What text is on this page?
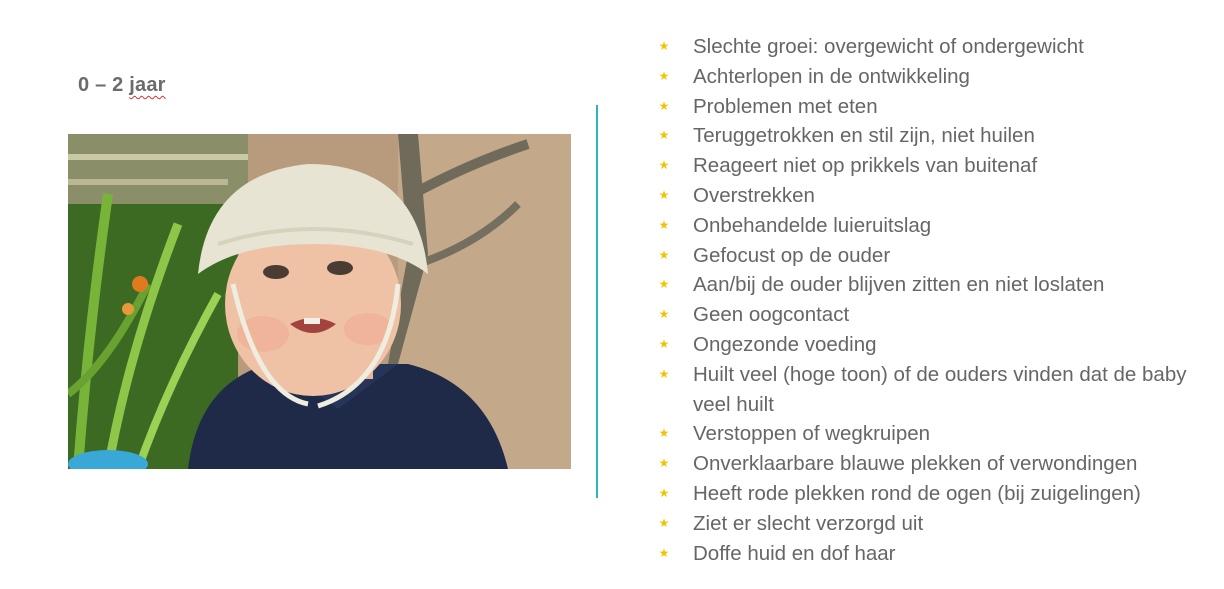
0 – 2 jaar
★ Slechte groei: overgewicht of ondergewicht
★ Achterlopen in de ontwikkeling
★ Problemen met eten
★ Teruggetrokken en stil zijn, niet huilen
★ Reageert niet op prikkels van buitenaf
★ Overstrekken
★ Onbehandelde luieruitslag
★ Gefocust op de ouder
★ Aan/bij de ouder blijven zitten en niet loslaten
★ Geen oogcontact
★ Ongezonde voeding
★ Huilt veel (hoge toon) of de ouders vinden dat de baby veel huilt
★ Verstoppen of wegkruipen
★ Onverklaarbare blauwe plekken of verwondingen
★ Heeft rode plekken rond de ogen (bij zuigelingen)
★ Ziet er slecht verzorgd uit
★ Doffe huid en dof haar
